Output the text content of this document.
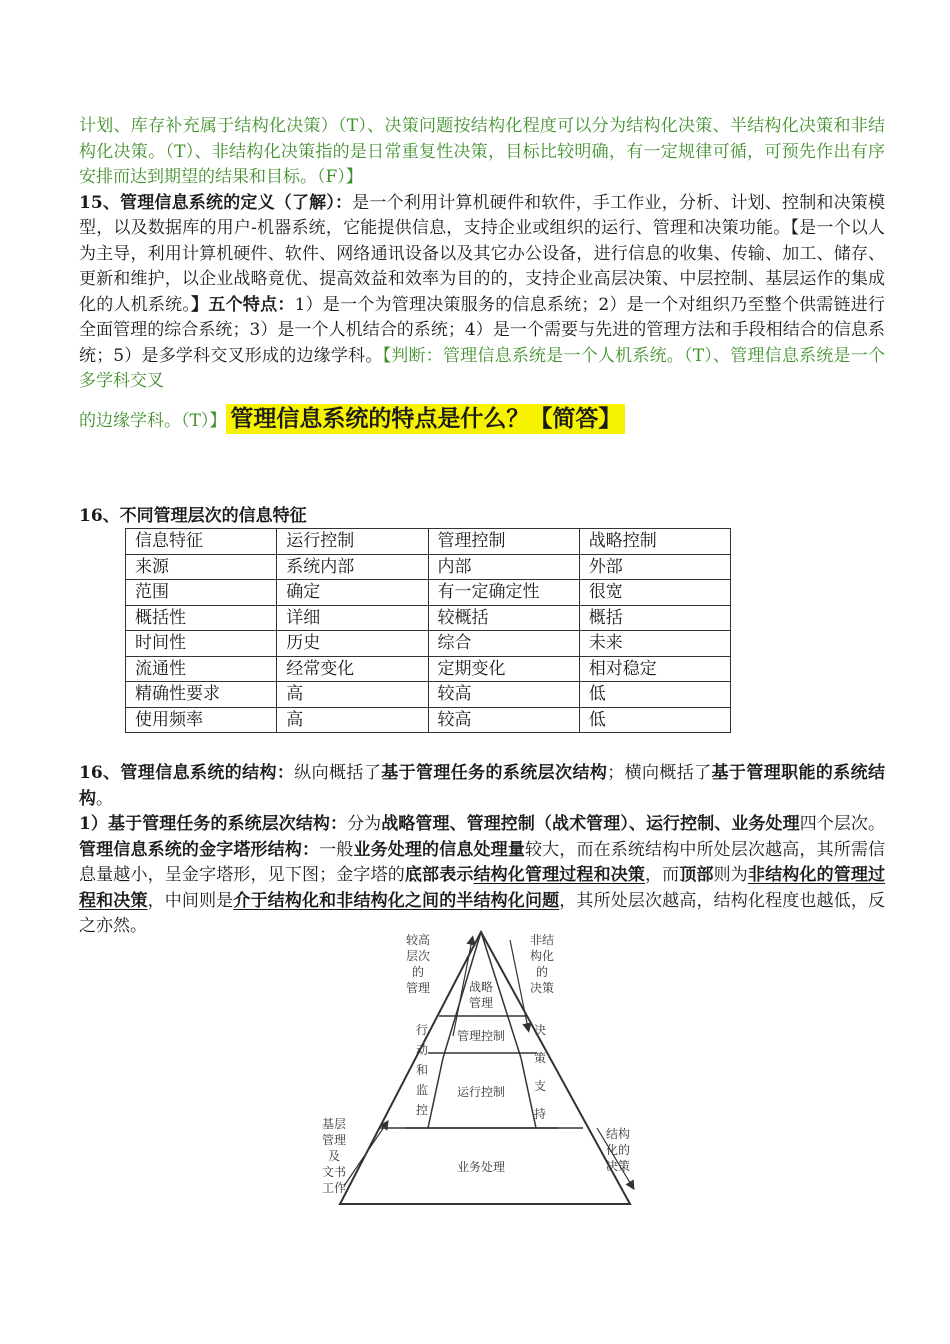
计划、库存补充属于结构化决策）（T）、决策问题按结构化程度可以分为结构化决策、半结构化决策和非结构化决策。（T）、非结构化决策指的是日常重复性决策，目标比较明确，有一定规律可循，可预先作出有序安排而达到期望的结果和目标。（F）】

15、管理信息系统的定义（了解）：是一个利用计算机硬件和软件，手工作业，分析、计划、控制和决策模型，以及数据库的用户-机器系统，它能提供信息，支持企业或组织的运行、管理和决策功能。【是一个以人为主导，利用计算机硬件、软件、网络通讯设备以及其它办公设备，进行信息的收集、传输、加工、储存、更新和维护，以企业战略竟优、提高效益和效率为目的的，支持企业高层决策、中层控制、基层运作的集成化的人机系统。】五个特点：1）是一个为管理决策服务的信息系统；2）是一个对组织乃至整个供需链进行全面管理的综合系统；3）是一个人机结合的系统；4）是一个需要与先进的管理方法和手段相结合的信息系统；5）是多学科交叉形成的边缘学科。【判断：管理信息系统是一个人机系统。（T）、管理信息系统是一个多学科交叉

的边缘学科。（T）】 管理信息系统的特点是什么？【简答】

16、不同管理层次的信息特征
信息特征	运行控制	管理控制	战略控制
来源	系统内部	内部	外部
范围	确定	有一定确定性	很宽
概括性	详细	较概括	概括
时间性	历史	综合	未来
流通性	经常变化	定期变化	相对稳定
精确性要求	高	较高	低
使用频率	高	较高	低

16、管理信息系统的结构：纵向概括了基于管理任务的系统层次结构；横向概括了基于管理职能的系统结构。

1）基于管理任务的系统层次结构：分为战略管理、管理控制（战术管理）、运行控制、业务处理四个层次。管理信息系统的金字塔形结构：一般业务处理的信息处理量较大，而在系统结构中所处层次越高，其所需信息量越小，呈金字塔形，见下图；金字塔的底部表示结构化管理过程和决策，而顶部则为非结构化的管理过程和决策，中间则是介于结构化和非结构化之间的半结构化问题，其所处层次越高，结构化程度也越低，反之亦然。

战略管理
管理控制
运行控制
业务处理
较高层次的管理
行动和监控
基层管理及文书工作
非结构化的决策
决策支持
结构化的决策
